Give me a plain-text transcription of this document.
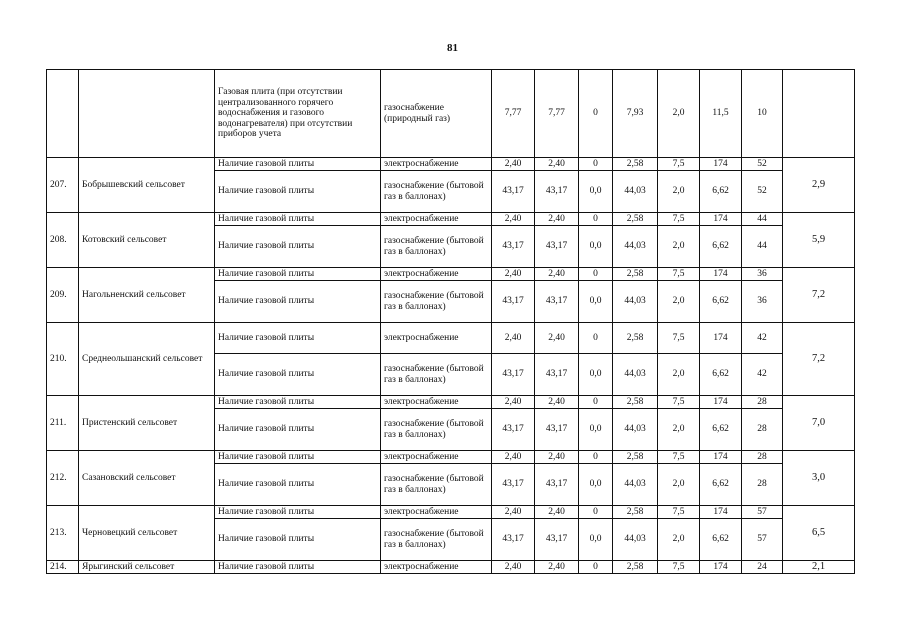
81
		Газовая плита (при отсутствии централизованного горячего водоснабжения и газового водонагревателя) при отсутствии приборов учета	газоснабжение (природный газ)	7,77	7,77	0	7,93	2,0	11,5	10	
207.	Бобрышевский сельсовет	Наличие газовой плиты	электроснабжение	2,40	2,40	0	2,58	7,5	174	52	2,9
		Наличие газовой плиты	газоснабжение (бытовой газ в баллонах)	43,17	43,17	0,0	44,03	2,0	6,62	52	
208.	Котовский сельсовет	Наличие газовой плиты	электроснабжение	2,40	2,40	0	2,58	7,5	174	44	5,9
		Наличие газовой плиты	газоснабжение (бытовой газ в баллонах)	43,17	43,17	0,0	44,03	2,0	6,62	44	
209.	Нагольненский сельсовет	Наличие газовой плиты	электроснабжение	2,40	2,40	0	2,58	7,5	174	36	7,2
		Наличие газовой плиты	газоснабжение (бытовой газ в баллонах)	43,17	43,17	0,0	44,03	2,0	6,62	36	
210.	Среднеольшанский сельсовет	Наличие газовой плиты	электроснабжение	2,40	2,40	0	2,58	7,5	174	42	7,2
		Наличие газовой плиты	газоснабжение (бытовой газ в баллонах)	43,17	43,17	0,0	44,03	2,0	6,62	42	
211.	Пристенский сельсовет	Наличие газовой плиты	электроснабжение	2,40	2,40	0	2,58	7,5	174	28	7,0
		Наличие газовой плиты	газоснабжение (бытовой газ в баллонах)	43,17	43,17	0,0	44,03	2,0	6,62	28	
212.	Сазановский сельсовет	Наличие газовой плиты	электроснабжение	2,40	2,40	0	2,58	7,5	174	28	3,0
		Наличие газовой плиты	газоснабжение (бытовой газ в баллонах)	43,17	43,17	0,0	44,03	2,0	6,62	28	
213.	Черновецкий сельсовет	Наличие газовой плиты	электроснабжение	2,40	2,40	0	2,58	7,5	174	57	6,5
		Наличие газовой плиты	газоснабжение (бытовой газ в баллонах)	43,17	43,17	0,0	44,03	2,0	6,62	57	
214.	Ярыгинский сельсовет	Наличие газовой плиты	электроснабжение	2,40	2,40	0	2,58	7,5	174	24	2,1
